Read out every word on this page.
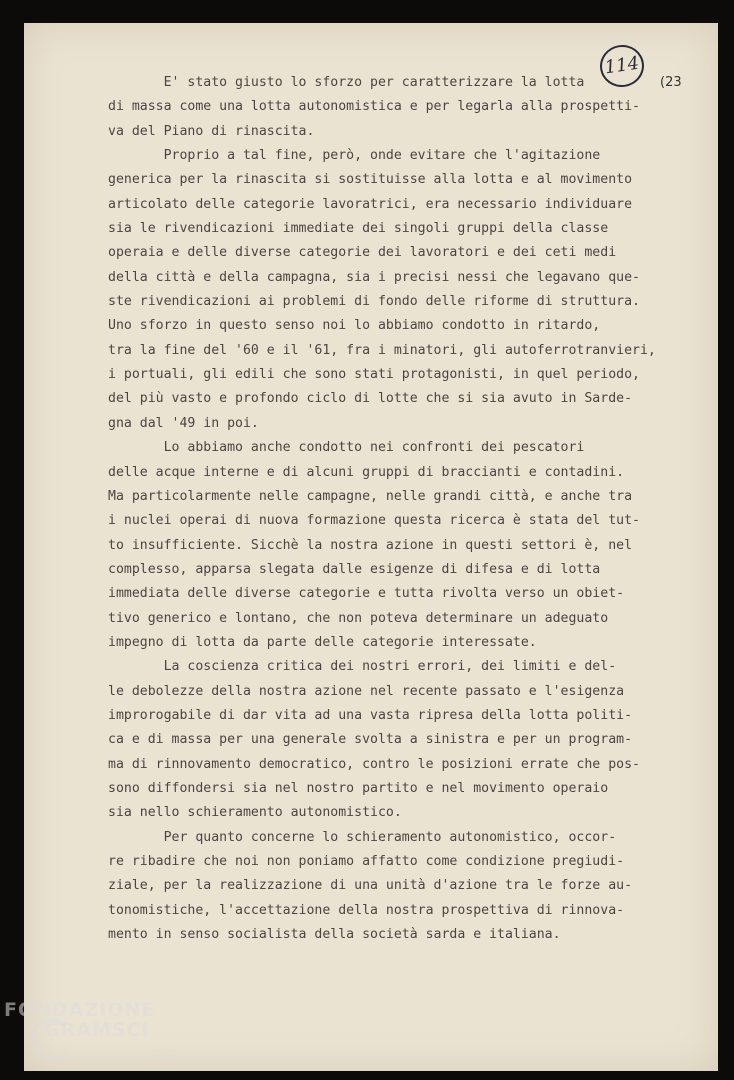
114
(23
E' stato giusto lo sforzo per caratterizzare la lotta
di massa come una lotta autonomistica e per legarla alla prospetti-
va del Piano di rinascita.
Proprio a tal fine, però, onde evitare che l'agitazione
generica per la rinascita si sostituisse alla lotta e al movimento
articolato delle categorie lavoratrici, era necessario individuare
sia le rivendicazioni immediate dei singoli gruppi della classe
operaia e delle diverse categorie dei lavoratori e dei ceti medi
della città e della campagna, sia i precisi nessi che legavano que-
ste rivendicazioni ai problemi di fondo delle riforme di struttura.
Uno sforzo in questo senso noi lo abbiamo condotto in ritardo,
tra la fine del '60 e il '61, fra i minatori, gli autoferrotranvieri,
i portuali, gli edili che sono stati protagonisti, in quel periodo,
del più vasto e profondo ciclo di lotte che si sia avuto in Sarde-
gna dal '49 in poi.
Lo abbiamo anche condotto nei confronti dei pescatori
delle acque interne e di alcuni gruppi di braccianti e contadini.
Ma particolarmente nelle campagne, nelle grandi città, e anche tra
i nuclei operai di nuova formazione questa ricerca è stata del tut-
to insufficiente. Sicchè la nostra azione in questi settori è, nel
complesso, apparsa slegata dalle esigenze di difesa e di lotta
immediata delle diverse categorie e tutta rivolta verso un obiet-
tivo generico e lontano, che non poteva determinare un adeguato
impegno di lotta da parte delle categorie interessate.
La coscienza critica dei nostri errori, dei limiti e del-
le debolezze della nostra azione nel recente passato e l'esigenza
improrogabile di dar vita ad una vasta ripresa della lotta politi-
ca e di massa per una generale svolta a sinistra e per un program-
ma di rinnovamento democratico, contro le posizioni errate che pos-
sono diffondersi sia nel nostro partito e nel movimento operaio
sia nello schieramento autonomistico.
Per quanto concerne lo schieramento autonomistico, occor-
re ribadire che noi non poniamo affatto come condizione pregiudi-
ziale, per la realizzazione di una unità d'azione tra le forze au-
tonomistiche, l'accettazione della nostra prospettiva di rinnova-
mento in senso socialista della società sarda e italiana.
FONDAZIONE
GRAMSCI
onlus
